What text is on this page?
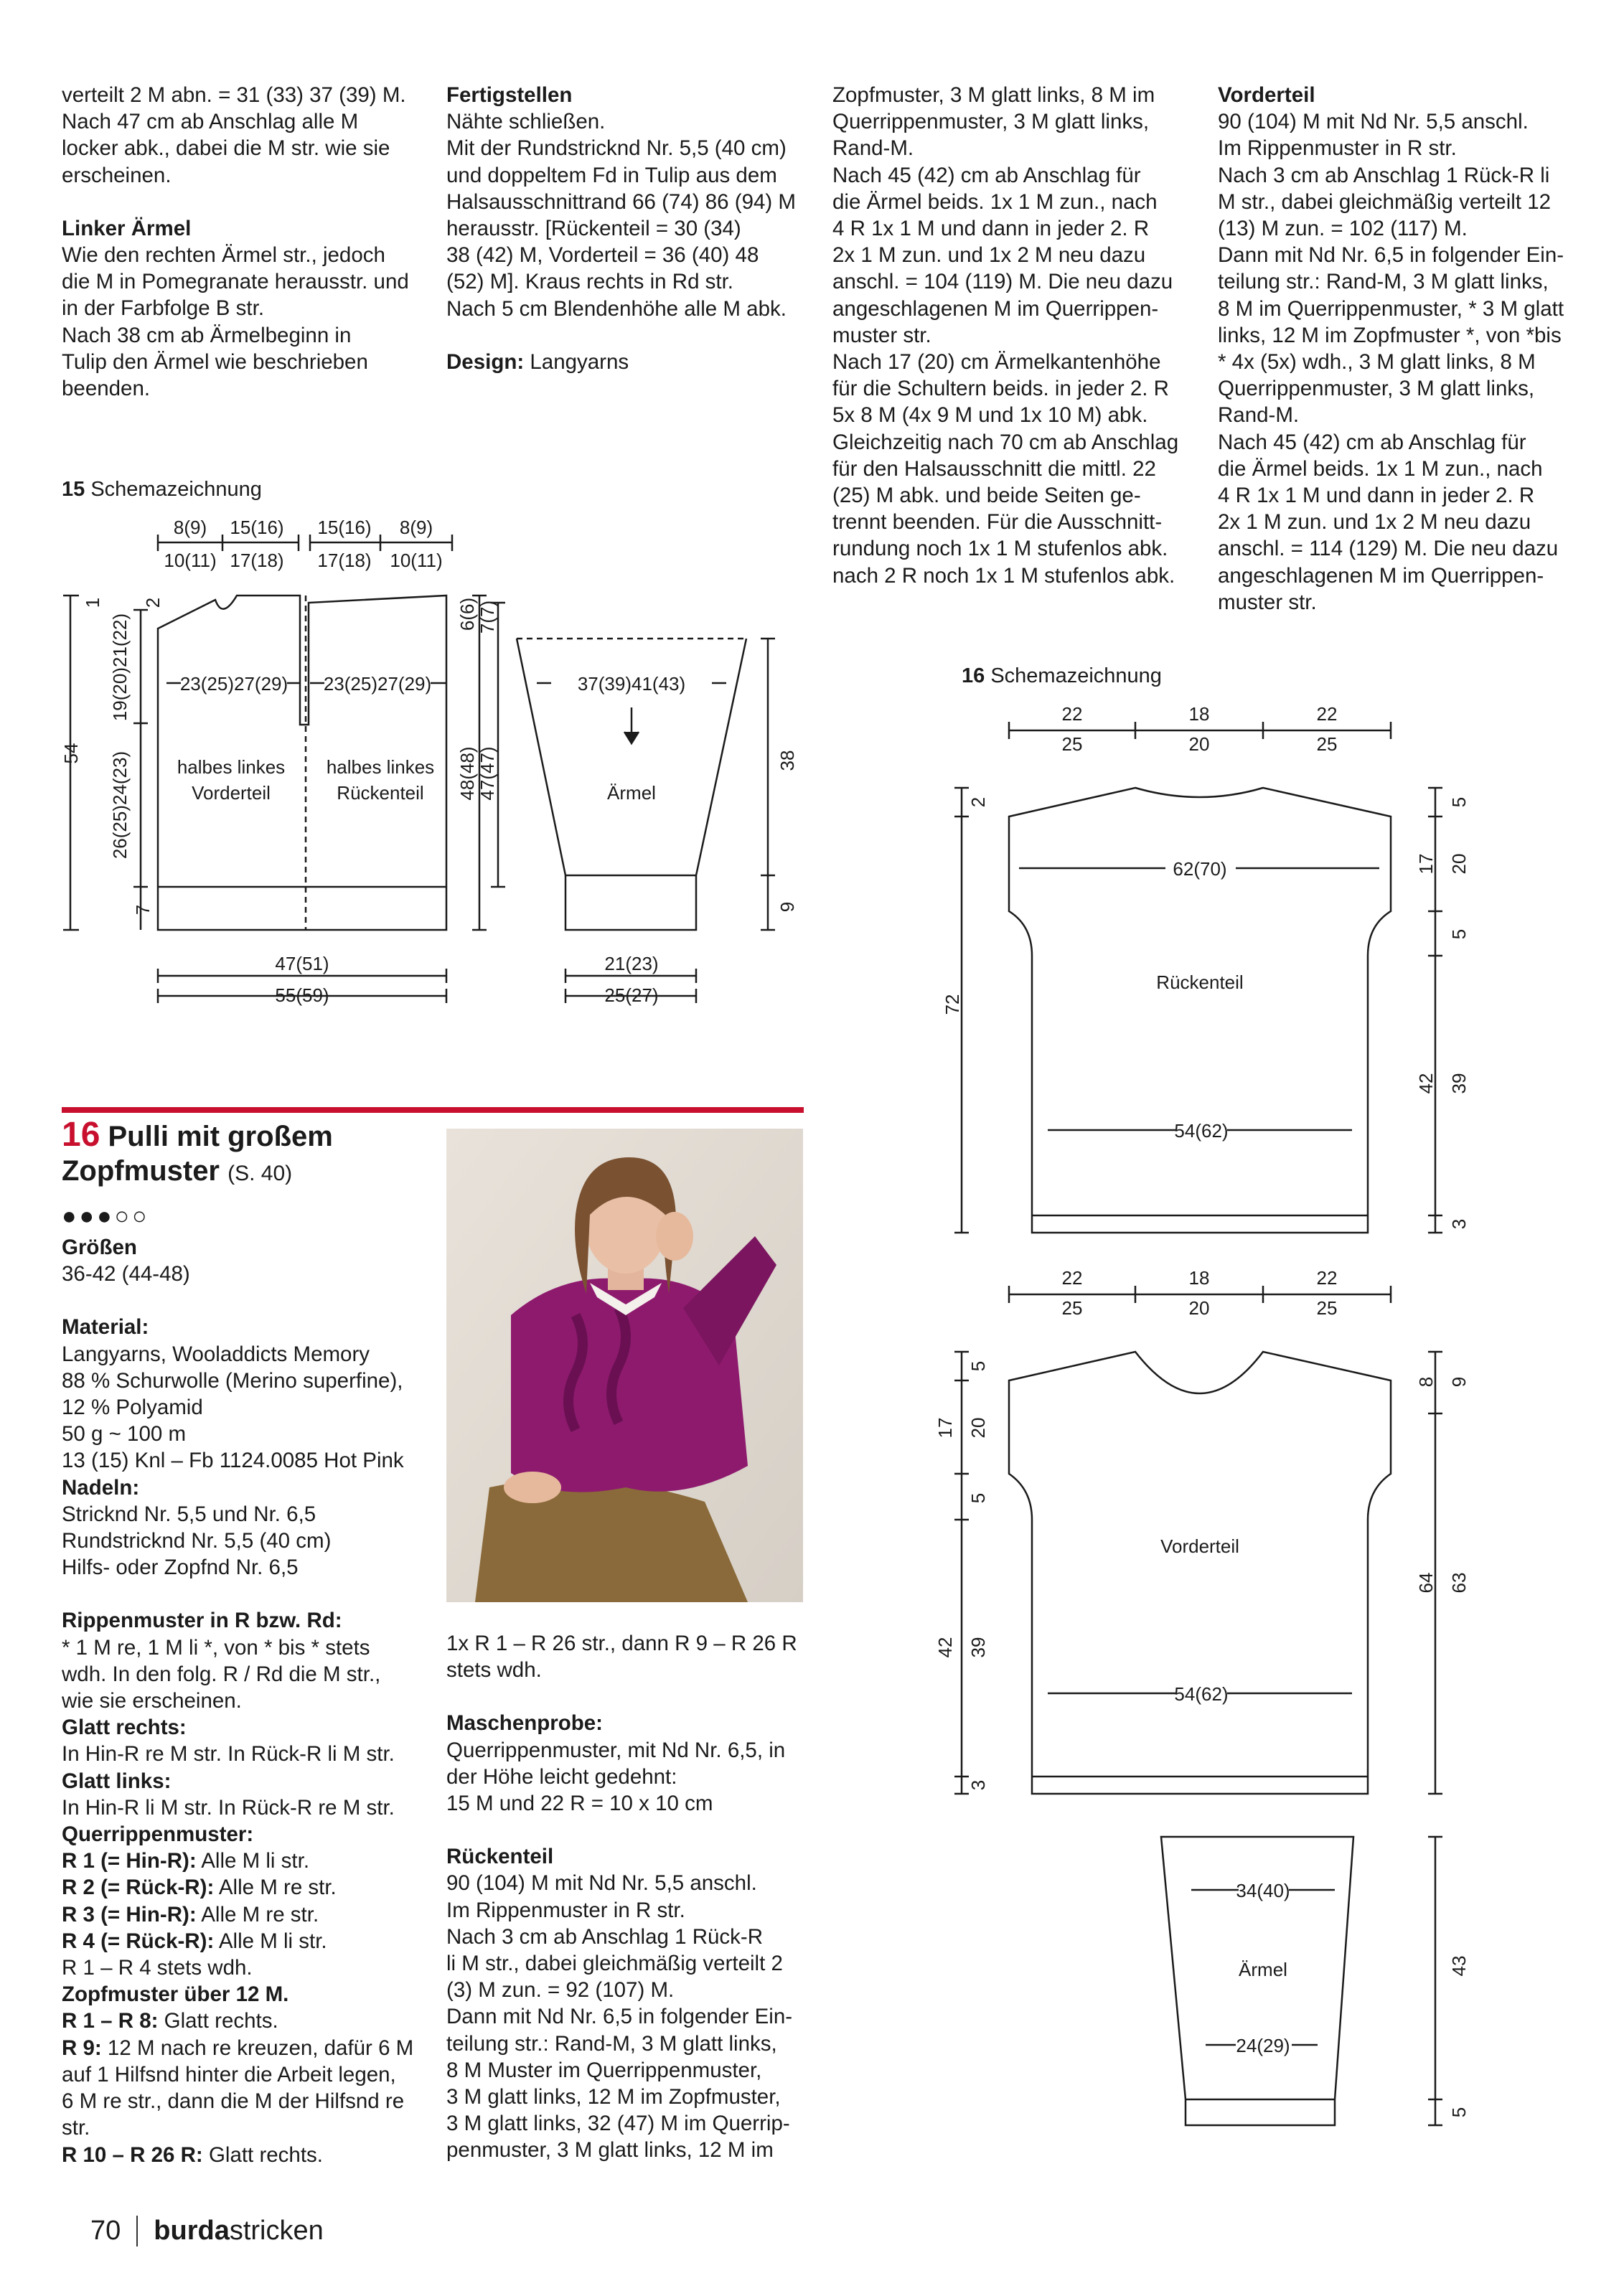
verteilt 2 M abn. = 31 (33) 37 (39) M.
Nach 47 cm ab Anschlag alle M
locker abk., dabei die M str. wie sie
erscheinen.

Linker Ärmel

Wie den rechten Ärmel str., jedoch
die M in Pomegranate herausstr. und
in der Farbfolge B str.
Nach 38 cm ab Ärmelbeginn in
Tulip den Ärmel wie beschrieben
beenden.

Fertigstellen

Nähte schließen.
Mit der Rundstricknd Nr. 5,5 (40 cm)
und doppeltem Fd in Tulip aus dem
Halsausschnittrand 66 (74) 86 (94) M
herausstr. [Rückenteil = 30 (34)
38 (42) M, Vorderteil = 36 (40) 48
(52) M]. Kraus rechts in Rd str.
Nach 5 cm Blendenhöhe alle M abk.

Design: Langyarns

Zopfmuster, 3 M glatt links, 8 M im
Querrippenmuster, 3 M glatt links,
Rand-M.
Nach 45 (42) cm ab Anschlag für
die Ärmel beids. 1x 1 M zun., nach
4 R 1x 1 M und dann in jeder 2. R
2x 1 M zun. und 1x 2 M neu dazu
anschl. = 104 (119) M. Die neu dazu
angeschlagenen M im Querrippen-
muster str.
Nach 17 (20) cm Ärmelkantenhöhe
für die Schultern beids. in jeder 2. R
5x 8 M (4x 9 M und 1x 10 M) abk.
Gleichzeitig nach 70 cm ab Anschlag
für den Halsausschnitt die mittl. 22
(25) M abk. und beide Seiten ge-
trennt beenden. Für die Ausschnitt-
rundung noch 1x 1 M stufenlos abk.
nach 2 R noch 1x 1 M stufenlos abk.

Vorderteil

90 (104) M mit Nd Nr. 5,5 anschl.
Im Rippenmuster in R str.
Nach 3 cm ab Anschlag 1 Rück-R li
M str., dabei gleichmäßig verteilt 12
(13) M zun. = 102 (117) M.
Dann mit Nd Nr. 6,5 in folgender Ein-
teilung str.: Rand-M, 3 M glatt links,
8 M im Querrippenmuster, * 3 M glatt
links, 12 M im Zopfmuster *, von *bis
* 4x (5x) wdh., 3 M glatt links, 8 M
Querrippenmuster, 3 M glatt links,
Rand-M.
Nach 45 (42) cm ab Anschlag für
die Ärmel beids. 1x 1 M zun., nach
4 R 1x 1 M und dann in jeder 2. R
2x 1 M zun. und 1x 2 M neu dazu
anschl. = 114 (129) M. Die neu dazu
angeschlagenen M im Querrippen-
muster str.

15 Schemazeichnung
8(9) 15(16) 15(16) 8(9)
10(11) 17(18) 17(18) 10(11)
54
1 2
19(20)21(22)
26(25)24(23)
7
23(25)27(29) 23(25)27(29)
halbes linkes
Vorderteil
halbes linkes
Rückenteil
6(6)
7(7)
48(48)
47(47)
47(51)
55(59)
37(39)41(43)
Ärmel
38
9
21(23)
25(27)
16 Schemazeichnung
22	18	22
25	20	25
2
72
62(70)
Rückenteil
54(62)
5
17 20
5
42 39
3
22	18	22
25	20	25
5
17 20
5
42 39
3
Vorderteil
54(62)
8 9
64 63
34(40)
Ärmel
24(29)
43
5
16 Pulli mit großem
Zopfmuster (S. 40)
●●●○○

Größen

36-42 (44-48)

Material:

Langyarns, Wooladdicts Memory
88 % Schurwolle (Merino superfine),
12 % Polyamid
50 g ~ 100 m
13 (15) Knl – Fb 1124.0085 Hot Pink

Nadeln:

Stricknd Nr. 5,5 und Nr. 6,5
Rundstricknd Nr. 5,5 (40 cm)
Hilfs- oder Zopfnd Nr. 6,5

Rippenmuster in R bzw. Rd:

* 1 M re, 1 M li *, von * bis * stets
wdh. In den folg. R / Rd die M str.,
wie sie erscheinen.

Glatt rechts:

In Hin-R re M str. In Rück-R li M str.

Glatt links:

In Hin-R li M str. In Rück-R re M str.

Querrippenmuster:

R 1 (= Hin-R): Alle M li str.

R 2 (= Rück-R): Alle M re str.

R 3 (= Hin-R): Alle M re str.

R 4 (= Rück-R): Alle M li str.

R 1 – R 4 stets wdh.

Zopfmuster über 12 M.

R 1 – R 8: Glatt rechts.

R 9: 12 M nach re kreuzen, dafür 6 M
auf 1 Hilfsnd hinter die Arbeit legen,
6 M re str., dann die M der Hilfsnd re
str.

R 10 – R 26 R: Glatt rechts.

1x R 1 – R 26 str., dann R 9 – R 26 R
stets wdh.

Maschenprobe:

Querrippenmuster, mit Nd Nr. 6,5, in
der Höhe leicht gedehnt:
15 M und 22 R = 10 x 10 cm

Rückenteil

90 (104) M mit Nd Nr. 5,5 anschl.
Im Rippenmuster in R str.
Nach 3 cm ab Anschlag 1 Rück-R
li M str., dabei gleichmäßig verteilt 2
(3) M zun. = 92 (107) M.
Dann mit Nd Nr. 6,5 in folgender Ein-
teilung str.: Rand-M, 3 M glatt links,
8 M Muster im Querrippenmuster,
3 M glatt links, 12 M im Zopfmuster,
3 M glatt links, 32 (47) M im Querrip-
penmuster, 3 M glatt links, 12 M im

70 burdastricken
